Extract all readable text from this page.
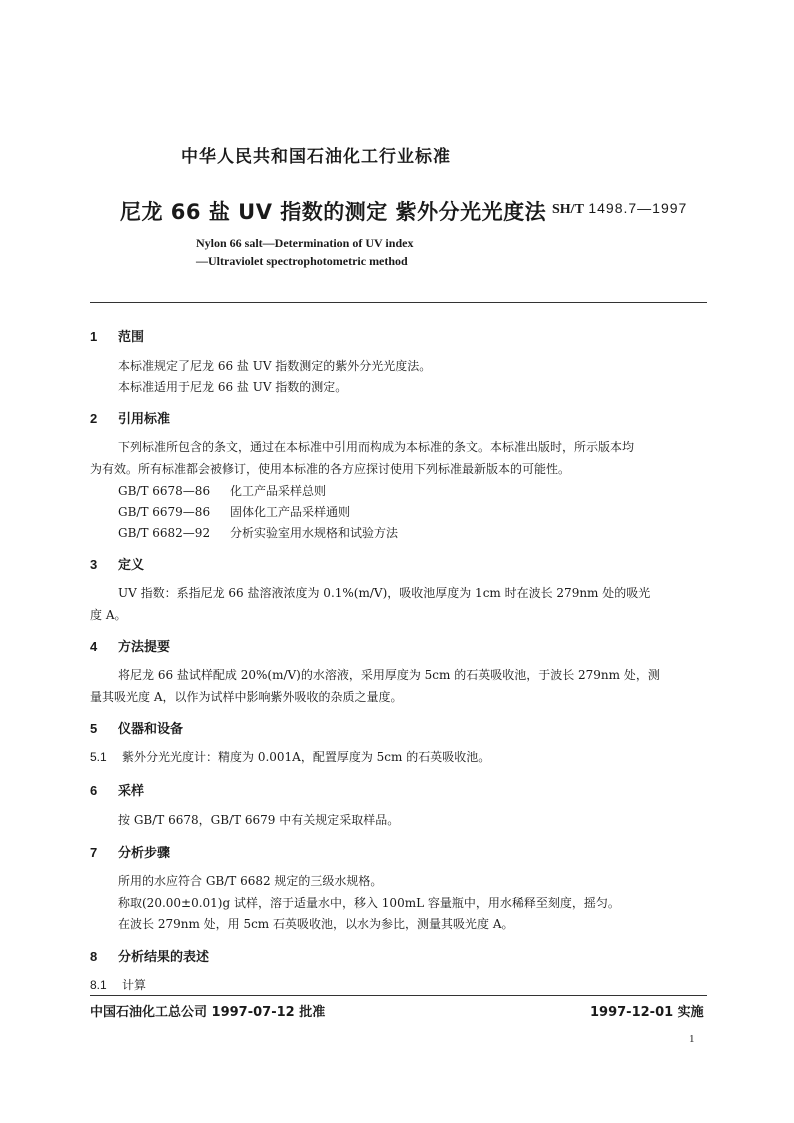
中华人民共和国石油化工行业标准
尼龙 66 盐 UV 指数的测定 紫外分光光度法 SH/T 1498.7—1997
Nylon 66 salt—Determination of UV index
—Ultraviolet spectrophotometric method
1 范围
本标准规定了尼龙 66 盐 UV 指数测定的紫外分光光度法。
本标准适用于尼龙 66 盐 UV 指数的测定。
2 引用标准
下列标准所包含的条文，通过在本标准中引用而构成为本标准的条文。本标准出版时，所示版本均
为有效。所有标准都会被修订，使用本标准的各方应探讨使用下列标准最新版本的可能性。
GB/T 6678—86 化工产品采样总则
GB/T 6679—86 固体化工产品采样通则
GB/T 6682—92 分析实验室用水规格和试验方法
3 定义
UV 指数：系指尼龙 66 盐溶液浓度为 0.1%(m/V)，吸收池厚度为 1cm 时在波长 279nm 处的吸光
度 A。
4 方法提要
将尼龙 66 盐试样配成 20%(m/V)的水溶液，采用厚度为 5cm 的石英吸收池，于波长 279nm 处，测
量其吸光度 A，以作为试样中影响紫外吸收的杂质之量度。
5 仪器和设备
5.1 紫外分光光度计：精度为 0.001A，配置厚度为 5cm 的石英吸收池。
6 采样
按 GB/T 6678，GB/T 6679 中有关规定采取样品。
7 分析步骤
所用的水应符合 GB/T 6682 规定的三级水规格。
称取(20.00±0.01)g 试样，溶于适量水中，移入 100mL 容量瓶中，用水稀释至刻度，摇匀。
在波长 279nm 处，用 5cm 石英吸收池，以水为参比，测量其吸光度 A。
8 分析结果的表述
8.1 计算
中国石油化工总公司 1997-07-12 批准	1997-12-01 实施
1
